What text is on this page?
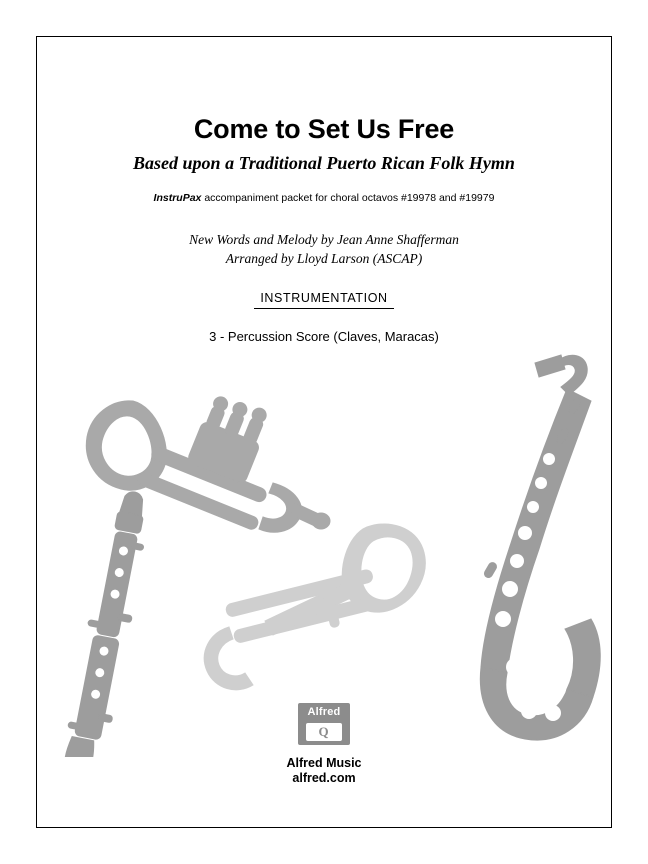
Come to Set Us Free
Based upon a Traditional Puerto Rican Folk Hymn

InstruPax accompaniment packet for choral octavos #19978 and #19979

New Words and Melody by Jean Anne Shafferman
Arranged by Lloyd Larson (ASCAP)

INSTRUMENTATION

3 - Percussion Score (Claves, Maracas)

Alfred
Q

Alfred Music

alfred.com
